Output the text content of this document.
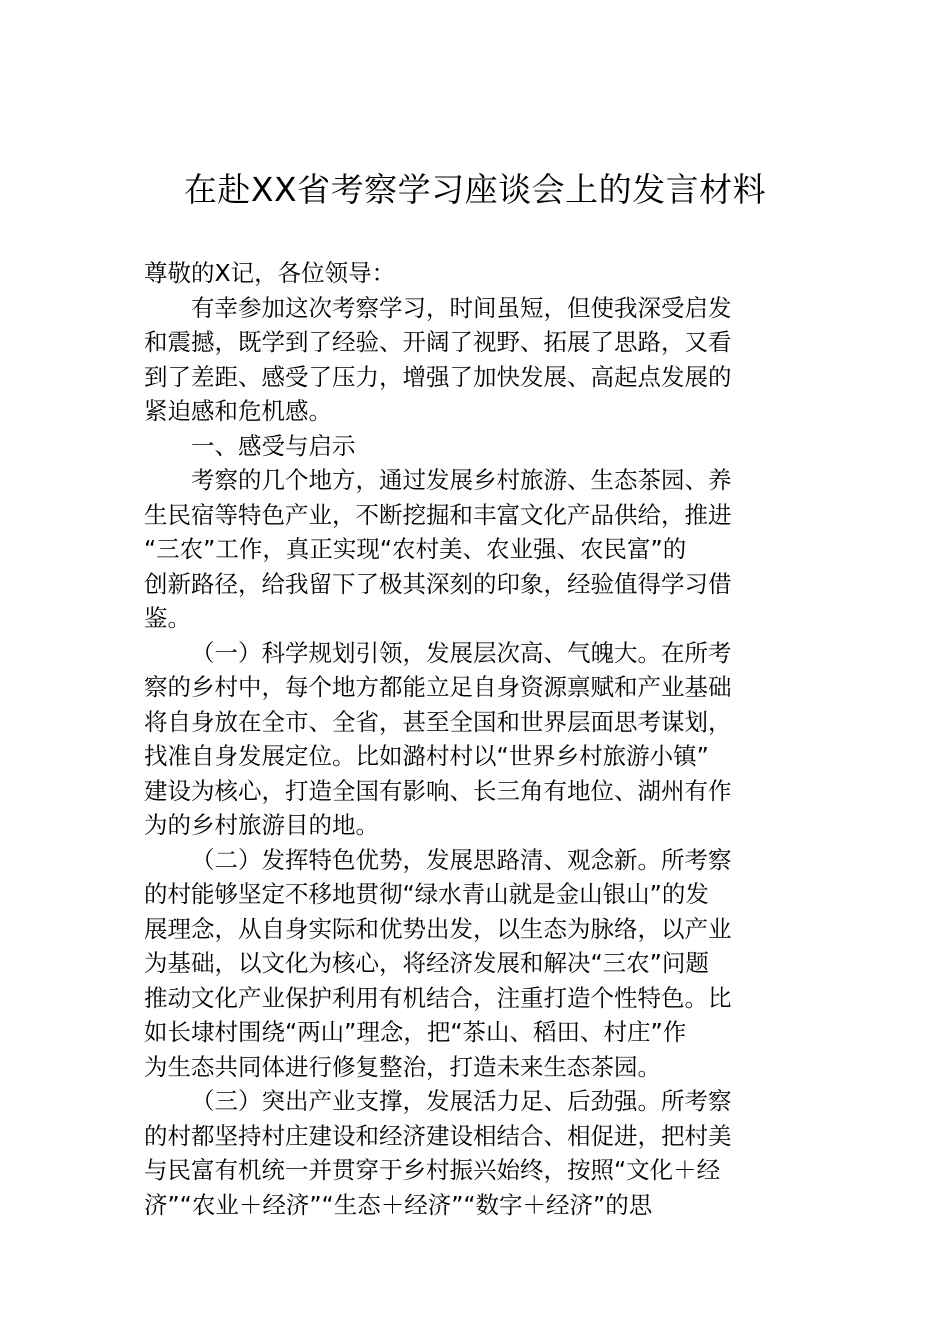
在赴XX省考察学习座谈会上的发言材料
尊敬的X记，各位领导：
有幸参加这次考察学习，时间虽短，但使我深受启发
和震撼，既学到了经验、开阔了视野、拓展了思路，又看
到了差距、感受了压力，增强了加快发展、高起点发展的
紧迫感和危机感。
一、感受与启示
考察的几个地方，通过发展乡村旅游、生态茶园、养
生民宿等特色产业，不断挖掘和丰富文化产品供给，推进
“三农”工作，真正实现“农村美、农业强、农民富”的
创新路径，给我留下了极其深刻的印象，经验值得学习借
鉴。
（一）科学规划引领，发展层次高、气魄大。在所考
察的乡村中，每个地方都能立足自身资源禀赋和产业基础
将自身放在全市、全省，甚至全国和世界层面思考谋划，
找准自身发展定位。比如潞村村以“世界乡村旅游小镇”
建设为核心，打造全国有影响、长三角有地位、湖州有作
为的乡村旅游目的地。
（二）发挥特色优势，发展思路清、观念新。所考察
的村能够坚定不移地贯彻“绿水青山就是金山银山”的发
展理念，从自身实际和优势出发，以生态为脉络，以产业
为基础，以文化为核心，将经济发展和解决“三农”问题
推动文化产业保护利用有机结合，注重打造个性特色。比
如长埭村围绕“两山”理念，把“茶山、稻田、村庄”作
为生态共同体进行修复整治，打造未来生态茶园。
（三）突出产业支撑，发展活力足、后劲强。所考察
的村都坚持村庄建设和经济建设相结合、相促进，把村美
与民富有机统一并贯穿于乡村振兴始终，按照“文化＋经
济”“农业＋经济”“生态＋经济”“数字＋经济”的思
